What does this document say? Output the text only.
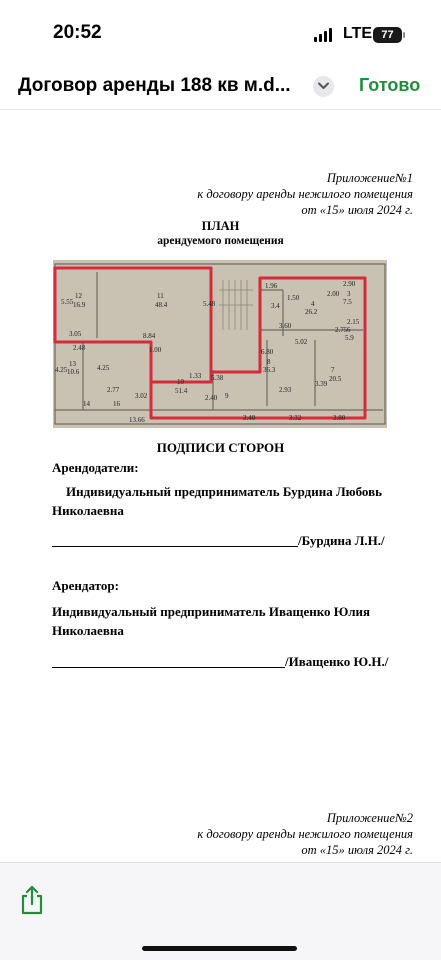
20:52	LTE 77
Договор аренды 188 кв м.d...	Готово
Приложение№1
к договору аренды нежилого помещения
от «15» июля 2024 г.
ПЛАН
арендуемого помещения
12
16.9
11
48.4
5.55	5.48
3.05	8.84
2.48	1.00
13
10.6
4.25	4.25
2.77
3.02
10
51.4
14	16
13.66
1.33 5.38
2.40 9
1.96
1.50
3.4	4
26.2
2.90
3
7.5
2.00
3.60	2.75
5.02
6
5.9
2.15
6.80
8
36.3
2.93
7
20.5
3.39
3.40	3.32	3.80
ПОДПИСИ СТОРОН
Арендодатели:
Индивидуальный предприниматель Бурдина Любовь
Николаевна
/Бурдина Л.Н./
Арендатор:
Индивидуальный предприниматель Иващенко Юлия
Николаевна
/Иващенко Ю.Н./
Приложение№2
к договору аренды нежилого помещения
от «15» июля 2024 г.
